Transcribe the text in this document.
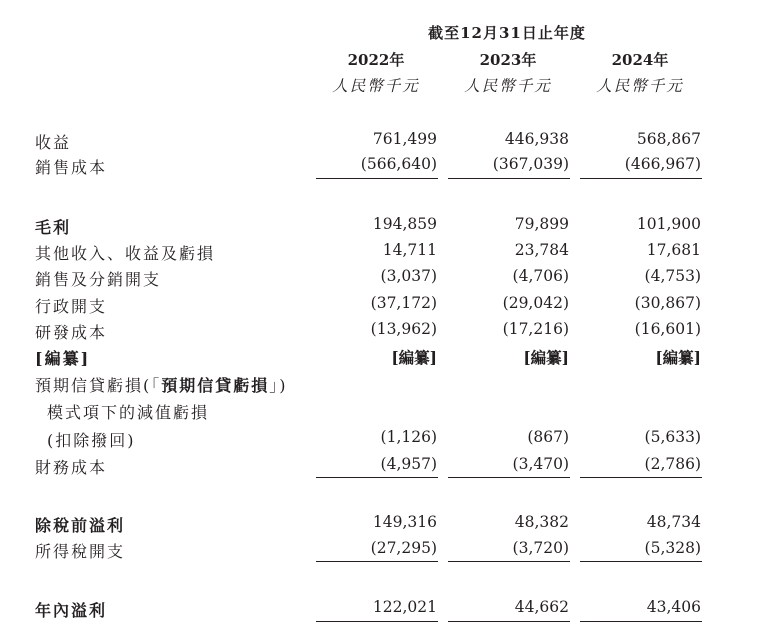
截至12月31日止年度
2022年	2023年	2024年
人民幣千元	人民幣千元	人民幣千元
收益	761,499	446,938	568,867
銷售成本	(566,640)	(367,039)	(466,967)
毛利	194,859	79,899	101,900
其他收入、收益及虧損	14,711	23,784	17,681
銷售及分銷開支	(3,037)	(4,706)	(4,753)
行政開支	(37,172)	(29,042)	(30,867)
研發成本	(13,962)	(17,216)	(16,601)
[編纂]	[編纂]	[編纂]	[編纂]
預期信貸虧損(「預期信貸虧損」)
模式項下的減值虧損
(扣除撥回)	(1,126)	(867)	(5,633)
財務成本	(4,957)	(3,470)	(2,786)
除稅前溢利	149,316	48,382	48,734
所得稅開支	(27,295)	(3,720)	(5,328)
年內溢利	122,021	44,662	43,406
